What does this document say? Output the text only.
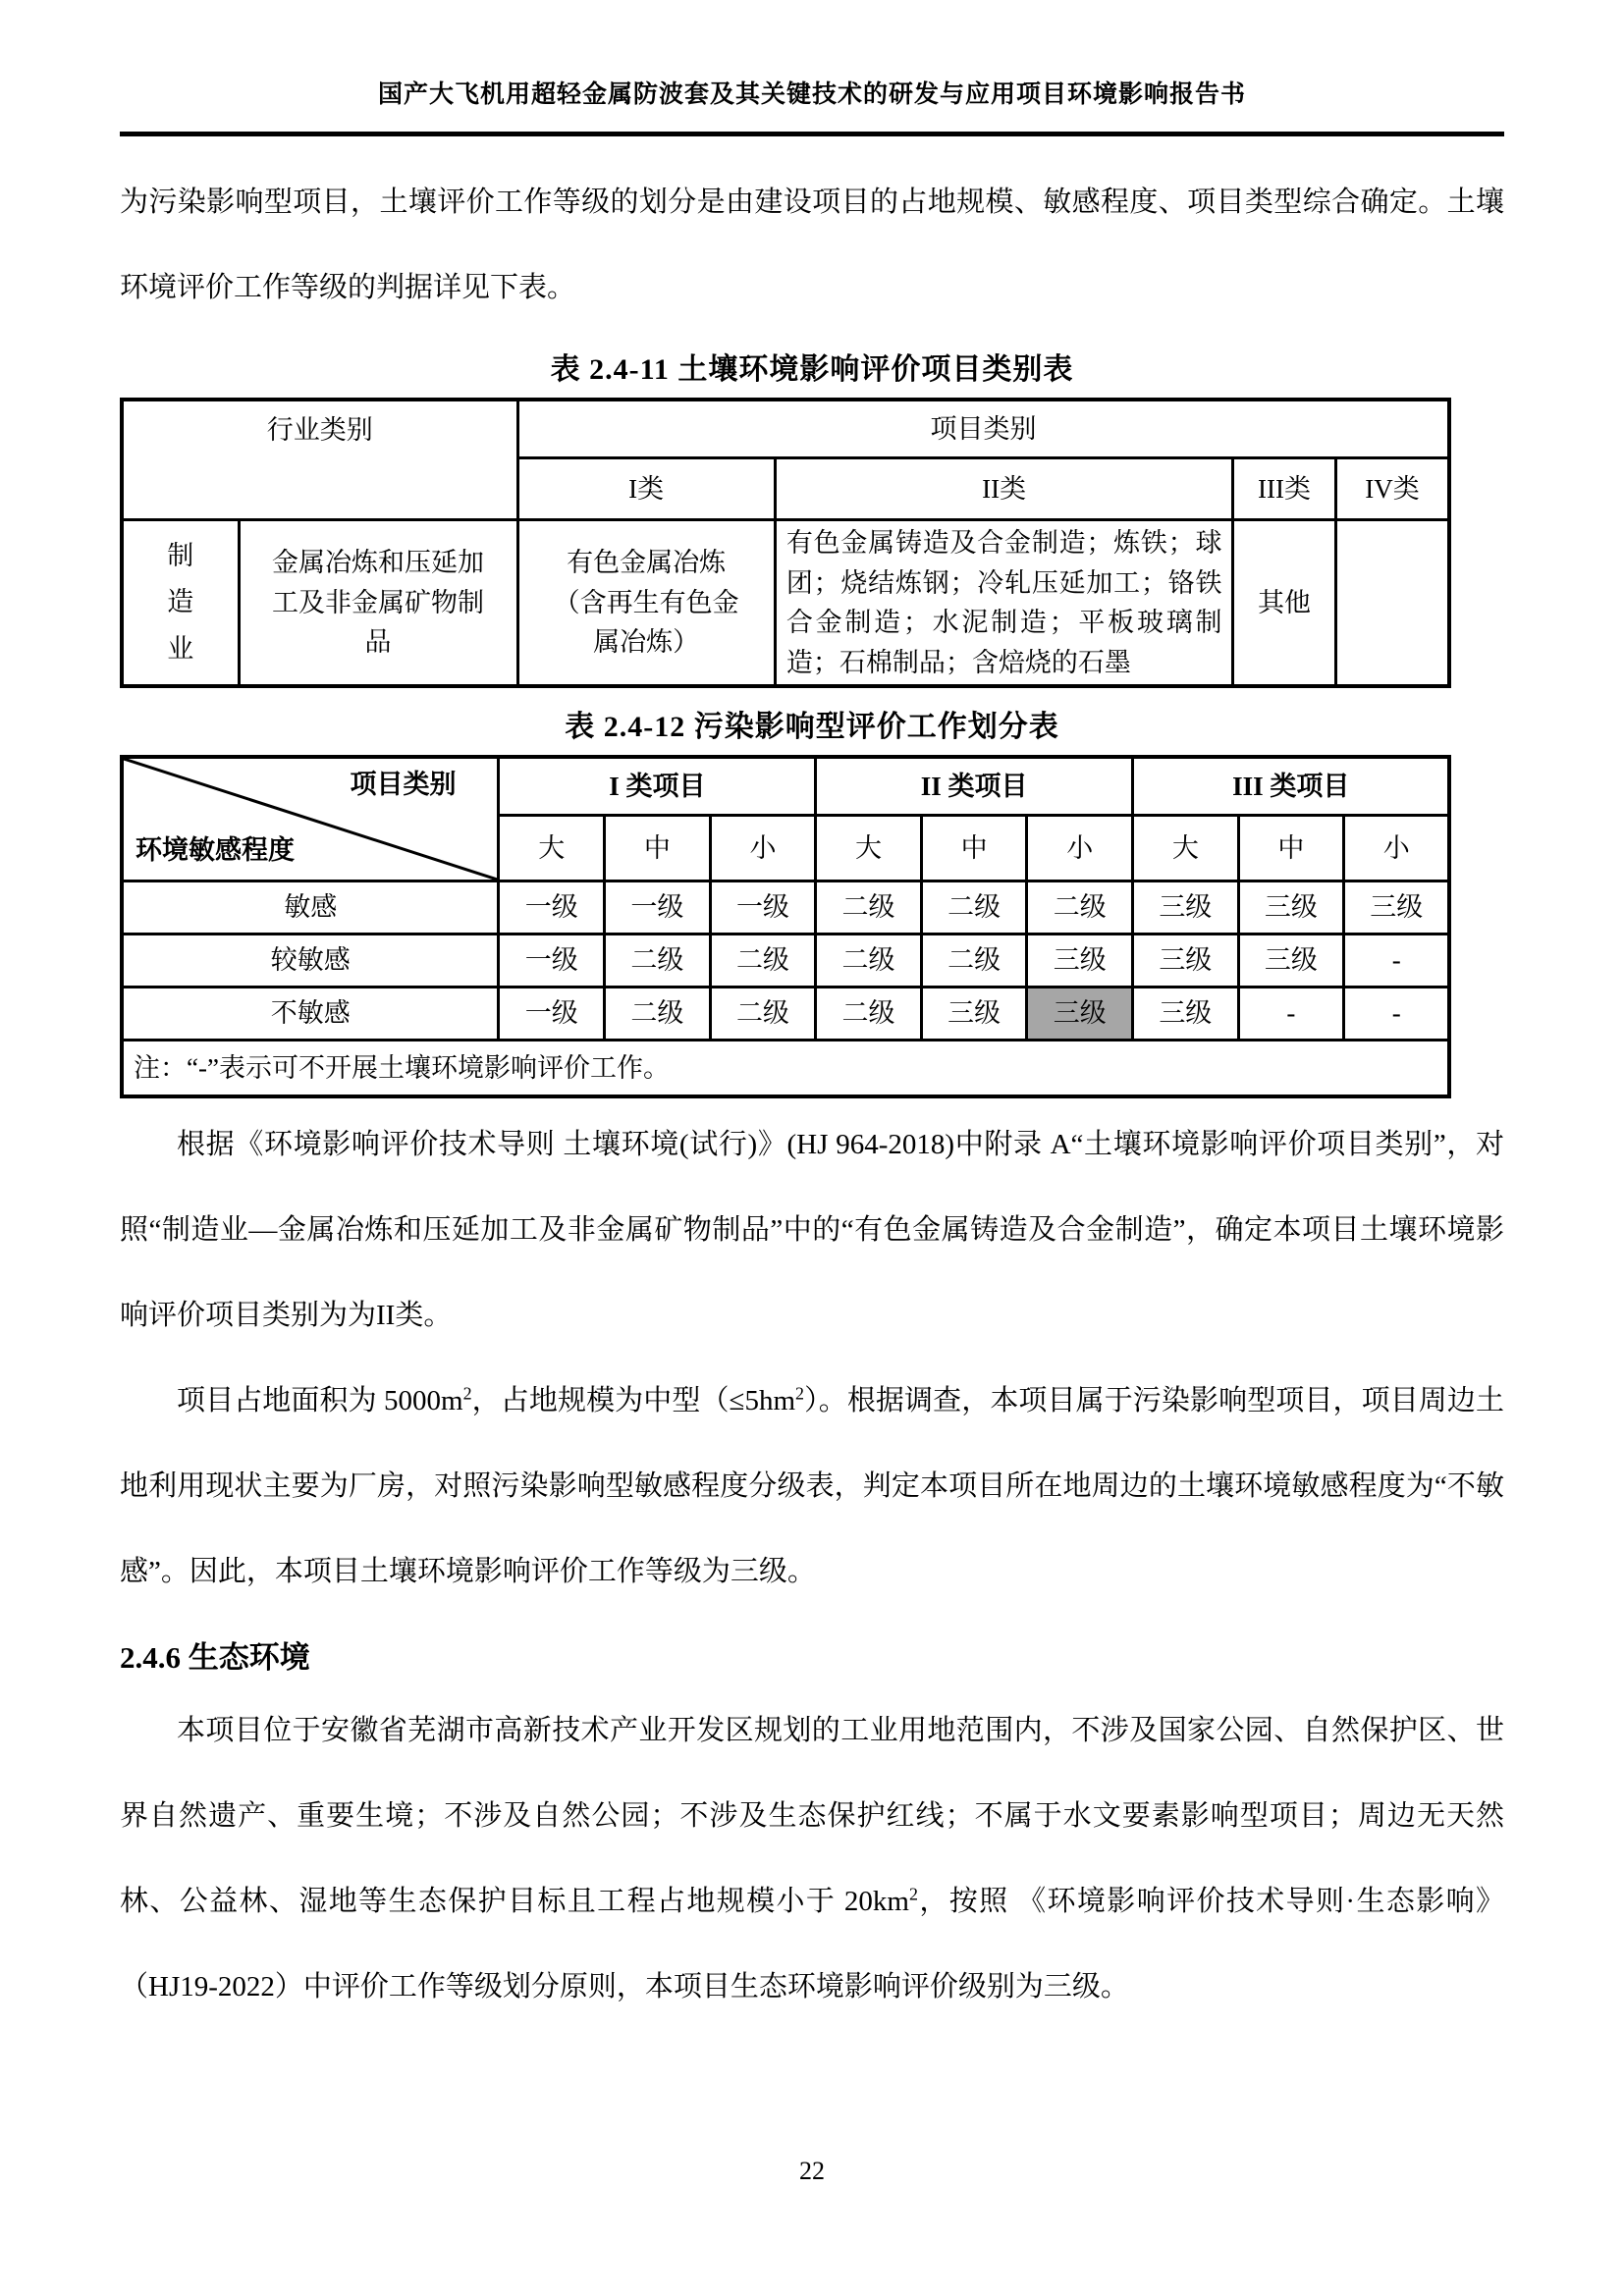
国产大飞机用超轻金属防波套及其关键技术的研发与应用项目环境影响报告书

为污染影响型项目，土壤评价工作等级的划分是由建设项目的占地规模、敏感程度、项目类型综合确定。土壤环境评价工作等级的判据详见下表。

表 2.4-11 土壤环境影响评价项目类别表
行业类别		项目类别			
		I类	II类	III类	IV类
制造业	金属冶炼和压延加工及非金属矿物制品	有色金属冶炼（含再生有色金属冶炼）	有色金属铸造及合金制造；炼铁；球团；烧结炼钢；冷轧压延加工；铬铁合金制造；水泥制造；平板玻璃制造；石棉制品；含焙烧的石墨	其他	
表 2.4-12 污染影响型评价工作划分表
项目类别
环境敏感程度	I 类项目			II 类项目			III 类项目		
	大	中	小	大	中	小	大	中	小
敏感	一级	一级	一级	二级	二级	二级	三级	三级	三级
较敏感	一级	二级	二级	二级	二级	三级	三级	三级	-
不敏感	一级	二级	二级	二级	三级	三级	三级	-	-
注：“-”表示可不开展土壤环境影响评价工作。									

根据《环境影响评价技术导则 土壤环境(试行)》(HJ 964-2018)中附录 A“土壤环境影响评价项目类别”，对照“制造业—金属冶炼和压延加工及非金属矿物制品”中的“有色金属铸造及合金制造”，确定本项目土壤环境影响评价项目类别为为II类。

项目占地面积为 $5000m^2$，占地规模为中型$(\le 5hm^2)$。根据调查，本项目属于污染影响型项目，项目周边土地利用现状主要为厂房，对照污染影响型敏感程度分级表，判定本项目所在地周边的土壤环境敏感程度为“不敏感”。因此，本项目土壤环境影响评价工作等级为三级。

2.4.6 生态环境

本项目位于安徽省芜湖市高新技术产业开发区规划的工业用地范围内，不涉及国家公园、自然保护区、世界自然遗产、重要生境；不涉及自然公园；不涉及生态保护红线；不属于水文要素影响型项目；周边无天然林、公益林、湿地等生态保护目标且工程占地规模小于 $20km^2$，按照 《环境影响评价技术导则·生态影响》（HJ19-2022）中评价工作等级划分原则，本项目生态环境影响评价级别为三级。

22
